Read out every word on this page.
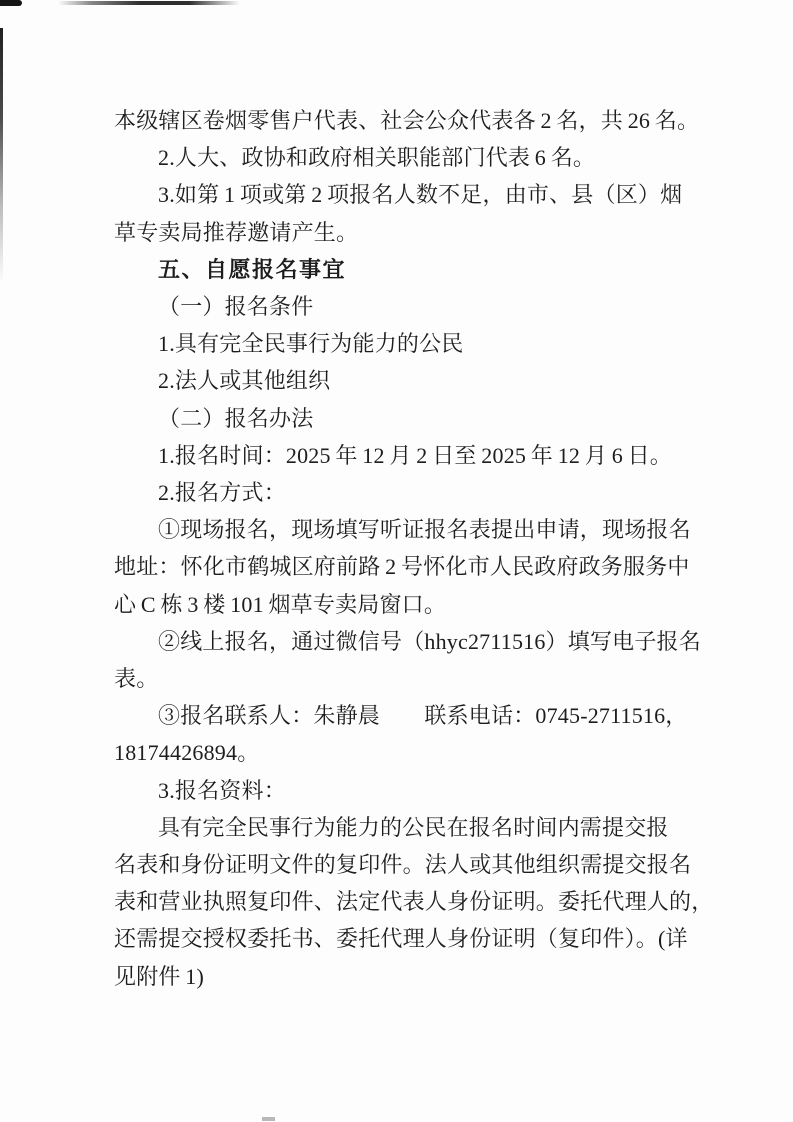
本级辖区卷烟零售户代表、社会公众代表各 2 名，共 26 名。
2.人大、政协和政府相关职能部门代表 6 名。
3.如第 1 项或第 2 项报名人数不足，由市、县（区）烟
草专卖局推荐邀请产生。
五、自愿报名事宜
（一）报名条件
1.具有完全民事行为能力的公民
2.法人或其他组织
（二）报名办法
1.报名时间：2025 年 12 月 2 日至 2025 年 12 月 6 日。
2.报名方式：
①现场报名，现场填写听证报名表提出申请，现场报名
地址：怀化市鹤城区府前路 2 号怀化市人民政府政务服务中
心 C 栋 3 楼 101 烟草专卖局窗口。
②线上报名，通过微信号（hhyc2711516）填写电子报名
表。
③报名联系人：朱静晨　　联系电话：0745-2711516，
18174426894。
3.报名资料：
具有完全民事行为能力的公民在报名时间内需提交报
名表和身份证明文件的复印件。法人或其他组织需提交报名
表和营业执照复印件、法定代表人身份证明。委托代理人的，
还需提交授权委托书、委托代理人身份证明（复印件）。(详
见附件 1)
